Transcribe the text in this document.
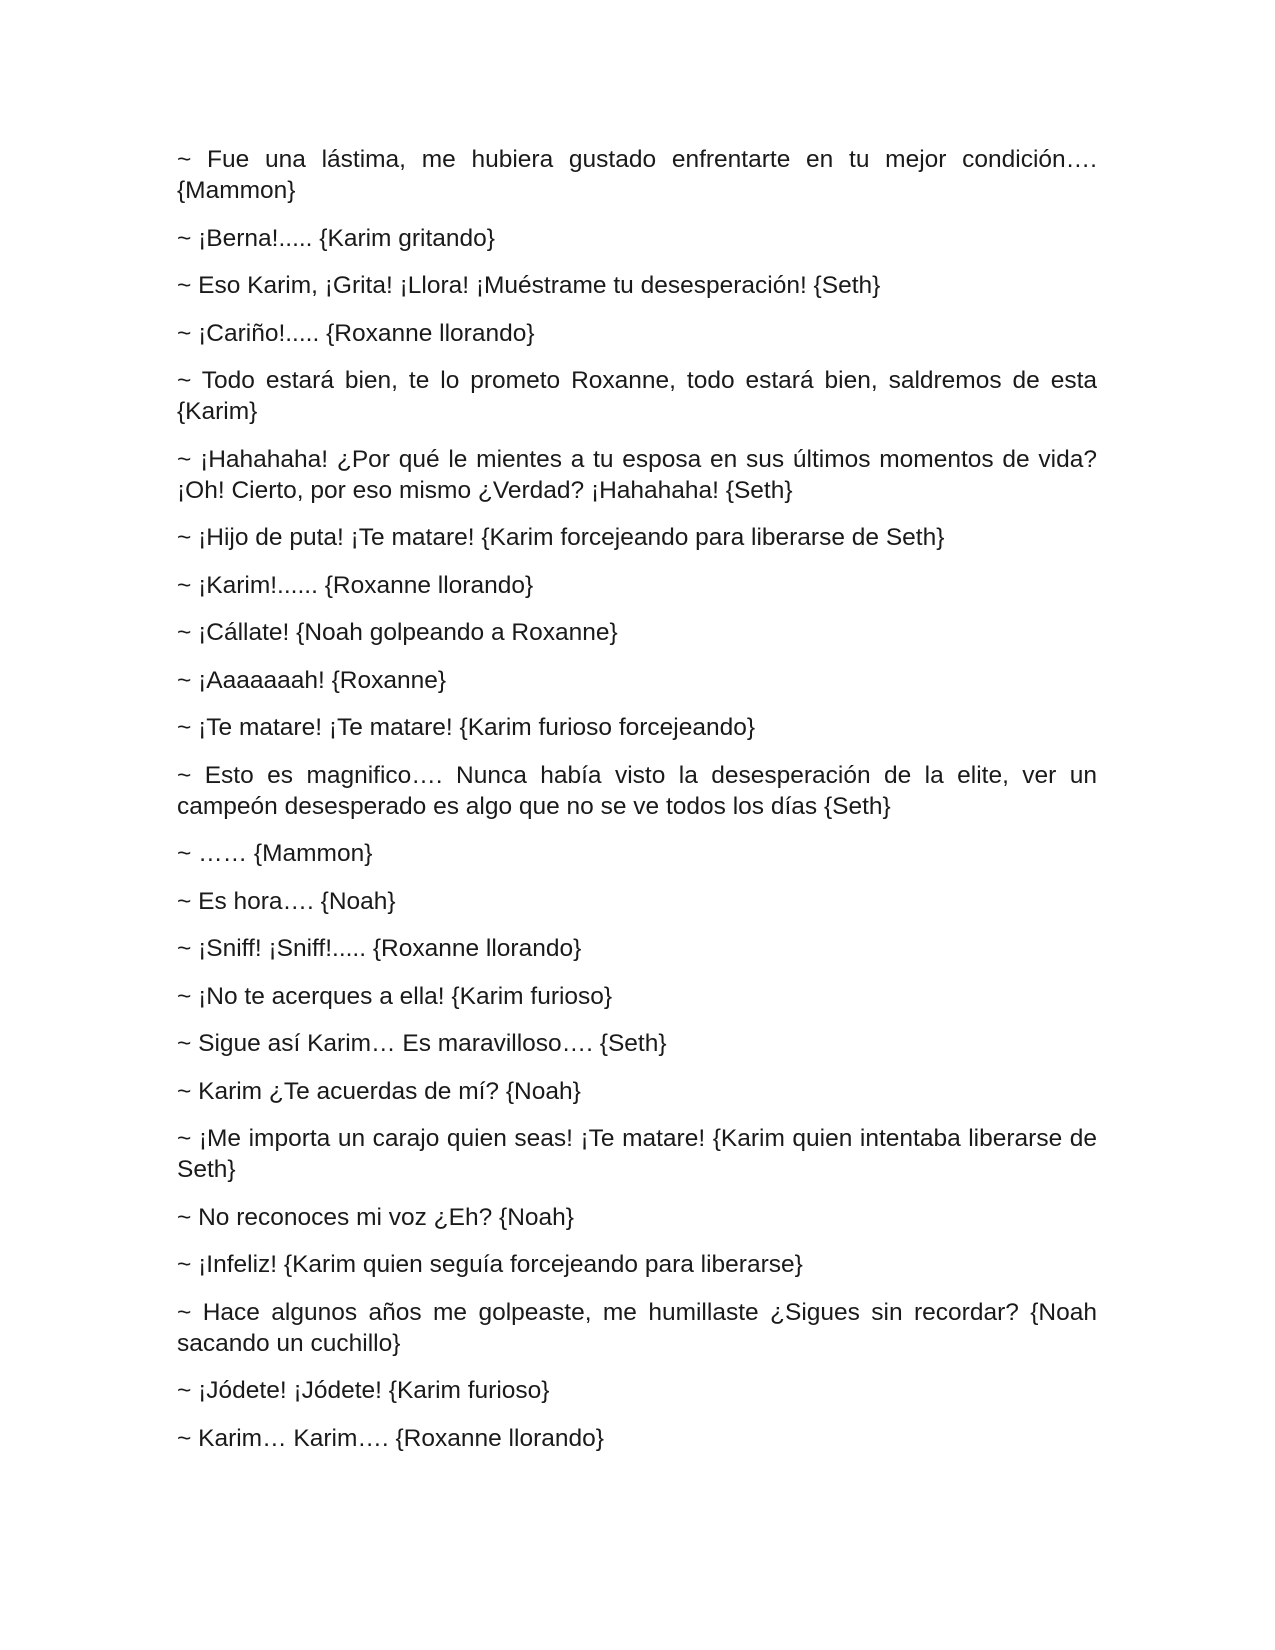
~ Fue una lástima, me hubiera gustado enfrentarte en tu mejor condición…. {Mammon}

~ ¡Berna!..... {Karim gritando}

~ Eso Karim, ¡Grita! ¡Llora! ¡Muéstrame tu desesperación! {Seth}

~ ¡Cariño!..... {Roxanne llorando}

~ Todo estará bien, te lo prometo Roxanne, todo estará bien, saldremos de esta {Karim}

~ ¡Hahahaha! ¿Por qué le mientes a tu esposa en sus últimos momentos de vida? ¡Oh! Cierto, por eso mismo ¿Verdad? ¡Hahahaha! {Seth}

~ ¡Hijo de puta! ¡Te matare! {Karim forcejeando para liberarse de Seth}

~ ¡Karim!...... {Roxanne llorando}

~ ¡Cállate! {Noah golpeando a Roxanne}

~ ¡Aaaaaaah! {Roxanne}

~ ¡Te matare! ¡Te matare! {Karim furioso forcejeando}

~ Esto es magnifico…. Nunca había visto la desesperación de la elite, ver un campeón desesperado es algo que no se ve todos los días {Seth}

~ …… {Mammon}

~ Es hora…. {Noah}

~ ¡Sniff! ¡Sniff!..... {Roxanne llorando}

~ ¡No te acerques a ella! {Karim furioso}

~ Sigue así Karim… Es maravilloso…. {Seth}

~ Karim ¿Te acuerdas de mí? {Noah}

~ ¡Me importa un carajo quien seas! ¡Te matare! {Karim quien intentaba liberarse de Seth}

~ No reconoces mi voz ¿Eh? {Noah}

~ ¡Infeliz! {Karim quien seguía forcejeando para liberarse}

~ Hace algunos años me golpeaste, me humillaste ¿Sigues sin recordar? {Noah sacando un cuchillo}

~ ¡Jódete! ¡Jódete! {Karim furioso}

~ Karim… Karim…. {Roxanne llorando}
